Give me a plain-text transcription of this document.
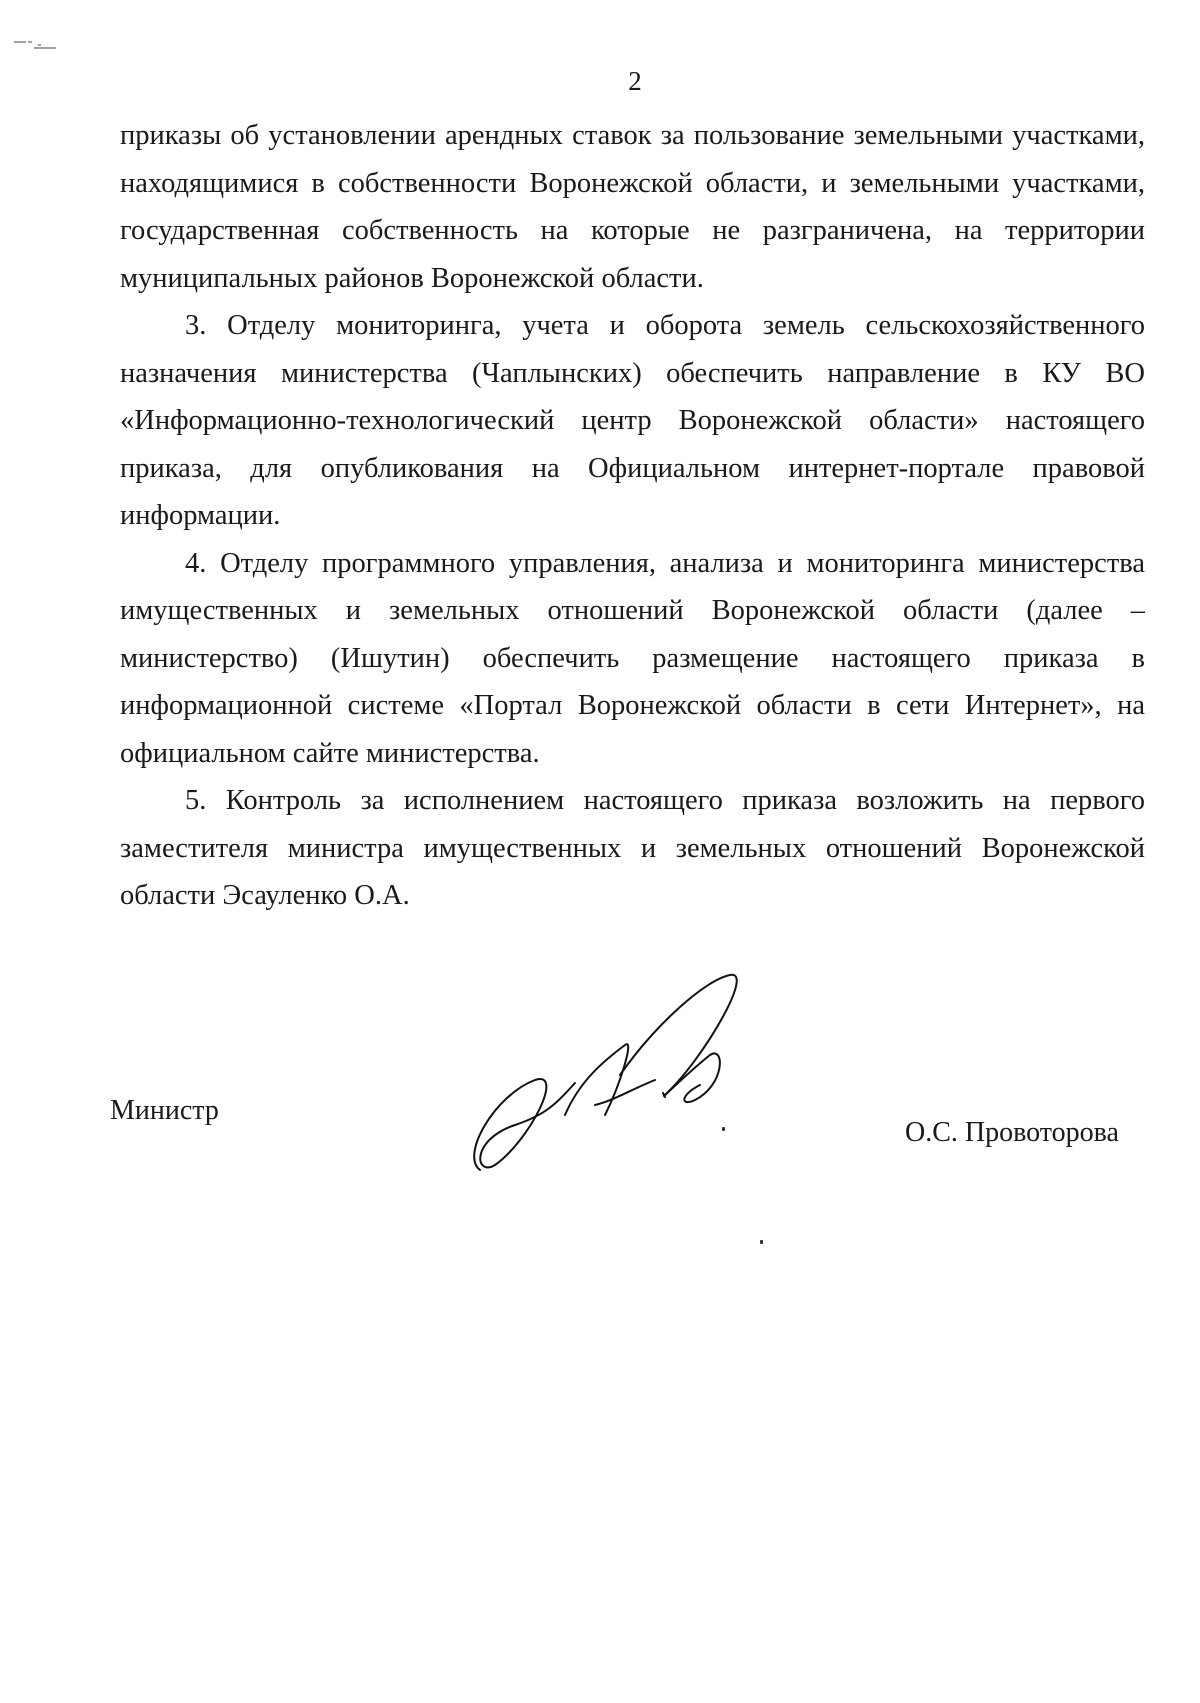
2

приказы об установлении арендных ставок за пользование земельными участками, находящимися в собственности Воронежской области, и земельными участками, государственная собственность на которые не разграничена, на территории муниципальных районов Воронежской области.

3. Отделу мониторинга, учета и оборота земель сельскохозяйственного назначения министерства (Чаплынских) обеспечить направление в КУ ВО «Информационно-технологический центр Воронежской области» настоящего приказа, для опубликования на Официальном интернет-портале правовой информации.

4. Отделу программного управления, анализа и мониторинга министерства имущественных и земельных отношений Воронежской области (далее – министерство) (Ишутин) обеспечить размещение настоящего приказа в информационной системе «Портал Воронежской области в сети Интернет», на официальном сайте министерства.

5. Контроль за исполнением настоящего приказа возложить на первого заместителя министра имущественных и земельных отношений Воронежской области Эсауленко О.А.

Министр
О.С. Провоторова
